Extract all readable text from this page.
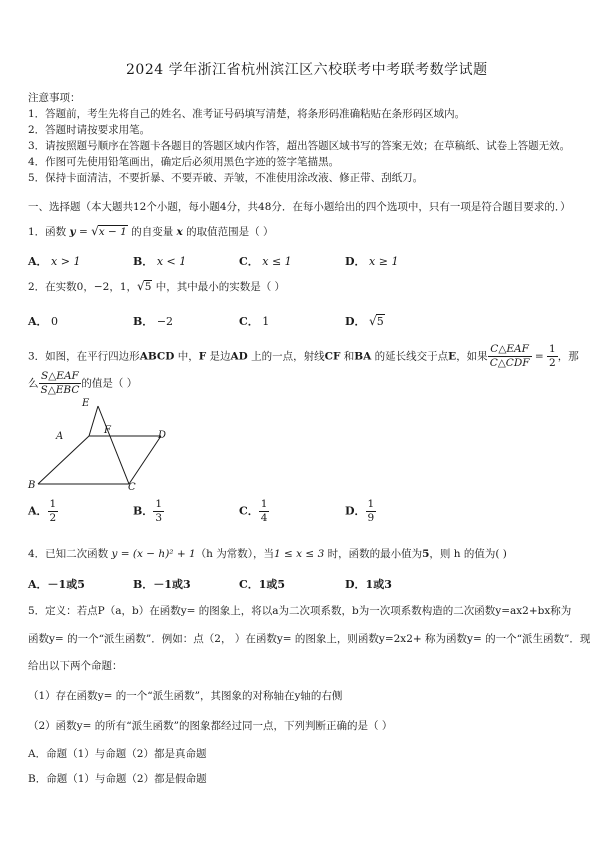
2024 学年浙江省杭州滨江区六校联考中考联考数学试题
注意事项：
1．答题前，考生先将自己的姓名、准考证号码填写清楚，将条形码准确粘贴在条形码区域内。
2．答题时请按要求用笔。
3．请按照题号顺序在答题卡各题目的答题区域内作答，超出答题区域书写的答案无效；在草稿纸、试卷上答题无效。
4．作图可先使用铅笔画出，确定后必须用黑色字迹的签字笔描黑。
5．保持卡面清洁，不要折暴、不要弄破、弄皱，不准使用涂改液、修正带、刮纸刀。
一、选择题（本大题共12个小题，每小题4分，共48分．在每小题给出的四个选项中，只有一项是符合题目要求的．）
1．函数 y = √x − 1 的自变量 x 的取值范围是（ ）
A． x > 1	B． x < 1	C． x ≤ 1	D． x ≥ 1
2．在实数0，−2，1，√5 中，其中最小的实数是（ ）
A． 0	B． −2	C． 1	D． √5
3．如图，在平行四边形ABCD 中，F 是边AD 上的一点，射线CF 和BA 的延长线交于点E，如果 $\frac{\text{C△EAF}}{\text{C△CDF}} = \frac{1}{2}$ ，那
么 $\frac{\text{S△EAF}}{\text{S△EBC}}$ 的值是（ ）
E
A
F	D
B	C
A． $\frac{1}{2}$	B． $\frac{1}{3}$	C． $\frac{1}{4}$	D． $\frac{1}{9}$
4．已知二次函数 y = (x − h)² + 1（h 为常数），当1 ≤ x ≤ 3 时，函数的最小值为5，则 h 的值为( )
A．－1或5	B．－1或3	C．1或5	D．1或3
5．定义：若点P（a，b）在函数y= 的图象上，将以a为二次项系数，b为一次项系数构造的二次函数y=ax2+bx称为
函数y= 的一个“派生函数”．例如：点（2， ）在函数y= 的图象上，则函数y=2x2+ 称为函数y= 的一个“派生函数”．现
给出以下两个命题：
（1）存在函数y= 的一个“派生函数”，其图象的对称轴在y轴的右侧
（2）函数y= 的所有“派生函数”的图象都经过同一点，下列判断正确的是（ ）
A．命题（1）与命题（2）都是真命题
B．命题（1）与命题（2）都是假命题
